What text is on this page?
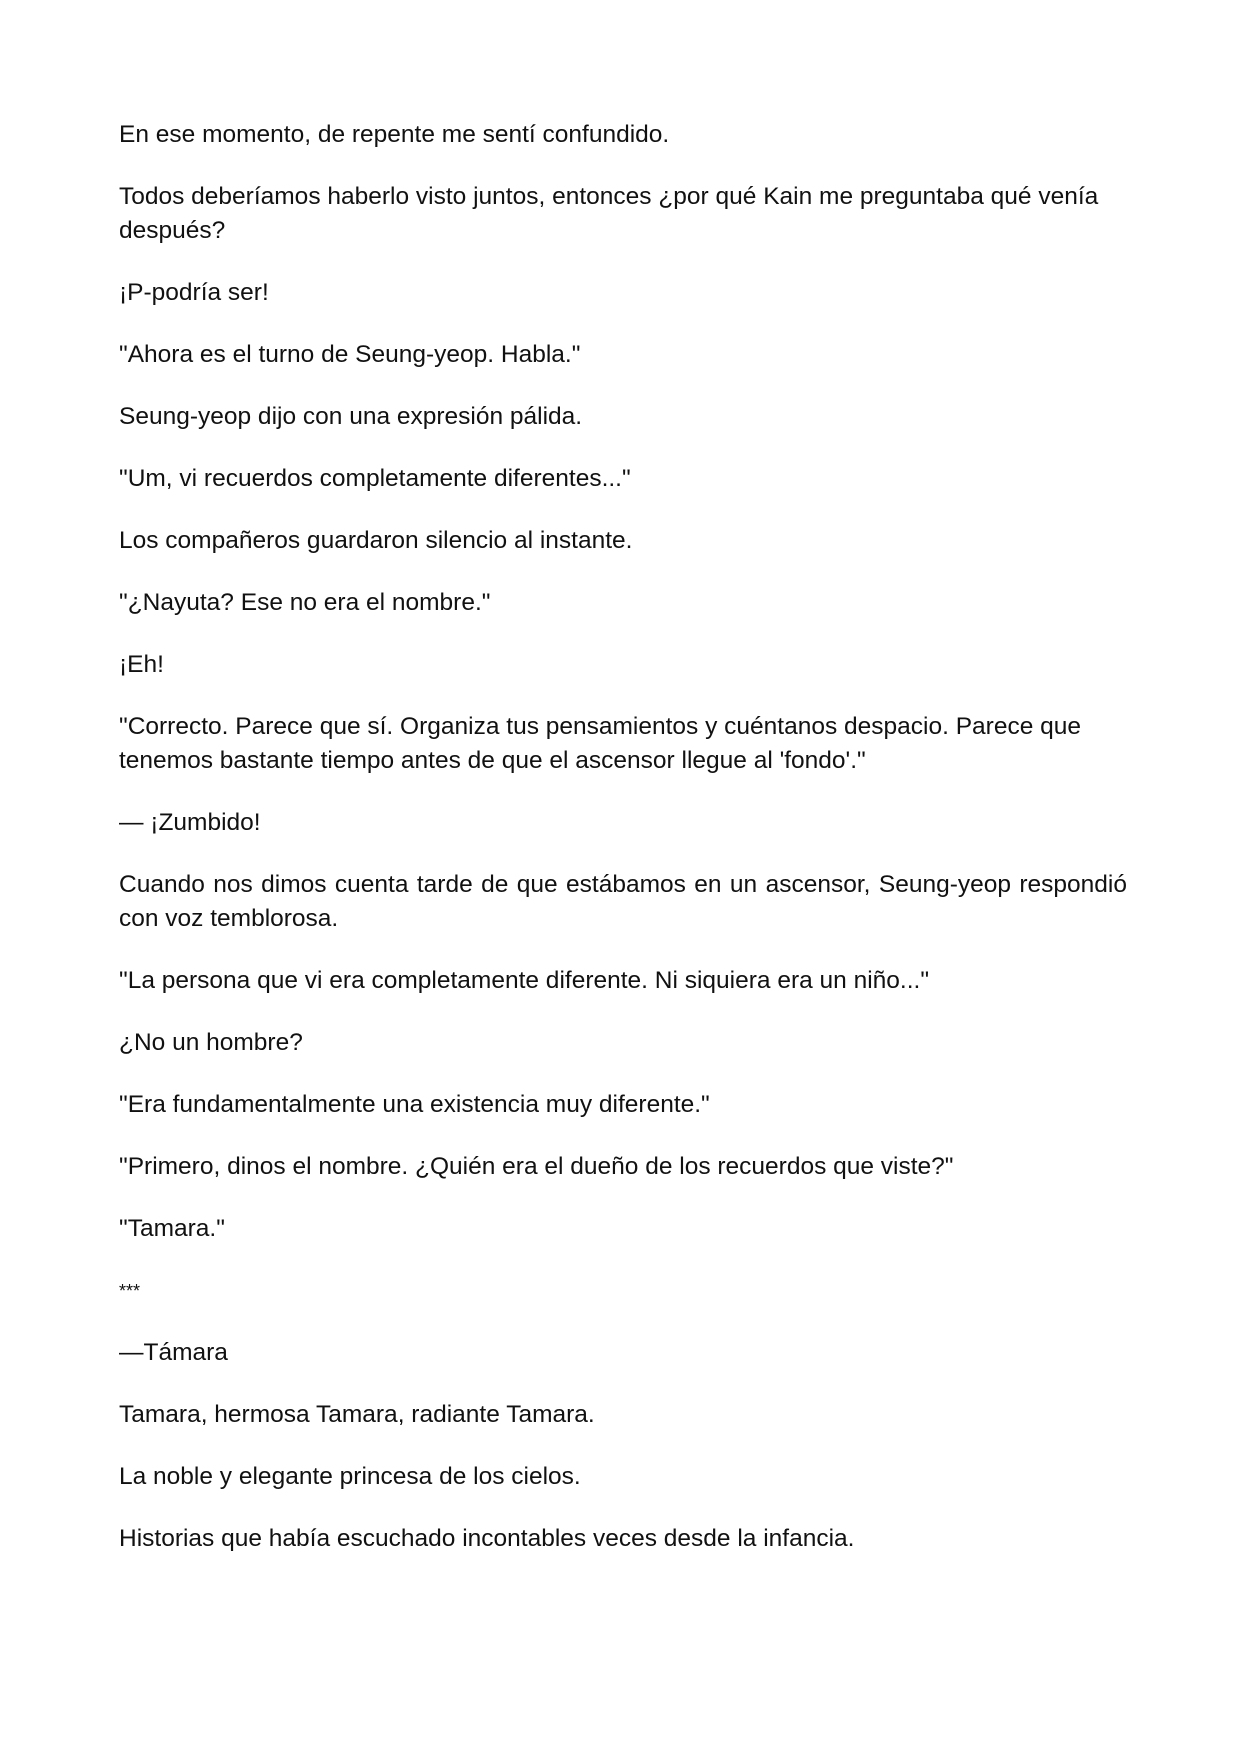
En ese momento, de repente me sentí confundido.

Todos deberíamos haberlo visto juntos, entonces ¿por qué Kain me preguntaba qué venía después?

¡P-podría ser!

"Ahora es el turno de Seung-yeop. Habla."

Seung-yeop dijo con una expresión pálida.

"Um, vi recuerdos completamente diferentes..."

Los compañeros guardaron silencio al instante.

"¿Nayuta? Ese no era el nombre."

¡Eh!

"Correcto. Parece que sí. Organiza tus pensamientos y cuéntanos despacio. Parece que tenemos bastante tiempo antes de que el ascensor llegue al 'fondo'."

— ¡Zumbido!

Cuando nos dimos cuenta tarde de que estábamos en un ascensor, Seung-yeop respondió con voz temblorosa.

"La persona que vi era completamente diferente. Ni siquiera era un niño..."

¿No un hombre?

"Era fundamentalmente una existencia muy diferente."

"Primero, dinos el nombre. ¿Quién era el dueño de los recuerdos que viste?"

"Tamara."

***

—Támara

Tamara, hermosa Tamara, radiante Tamara.

La noble y elegante princesa de los cielos.

Historias que había escuchado incontables veces desde la infancia.
